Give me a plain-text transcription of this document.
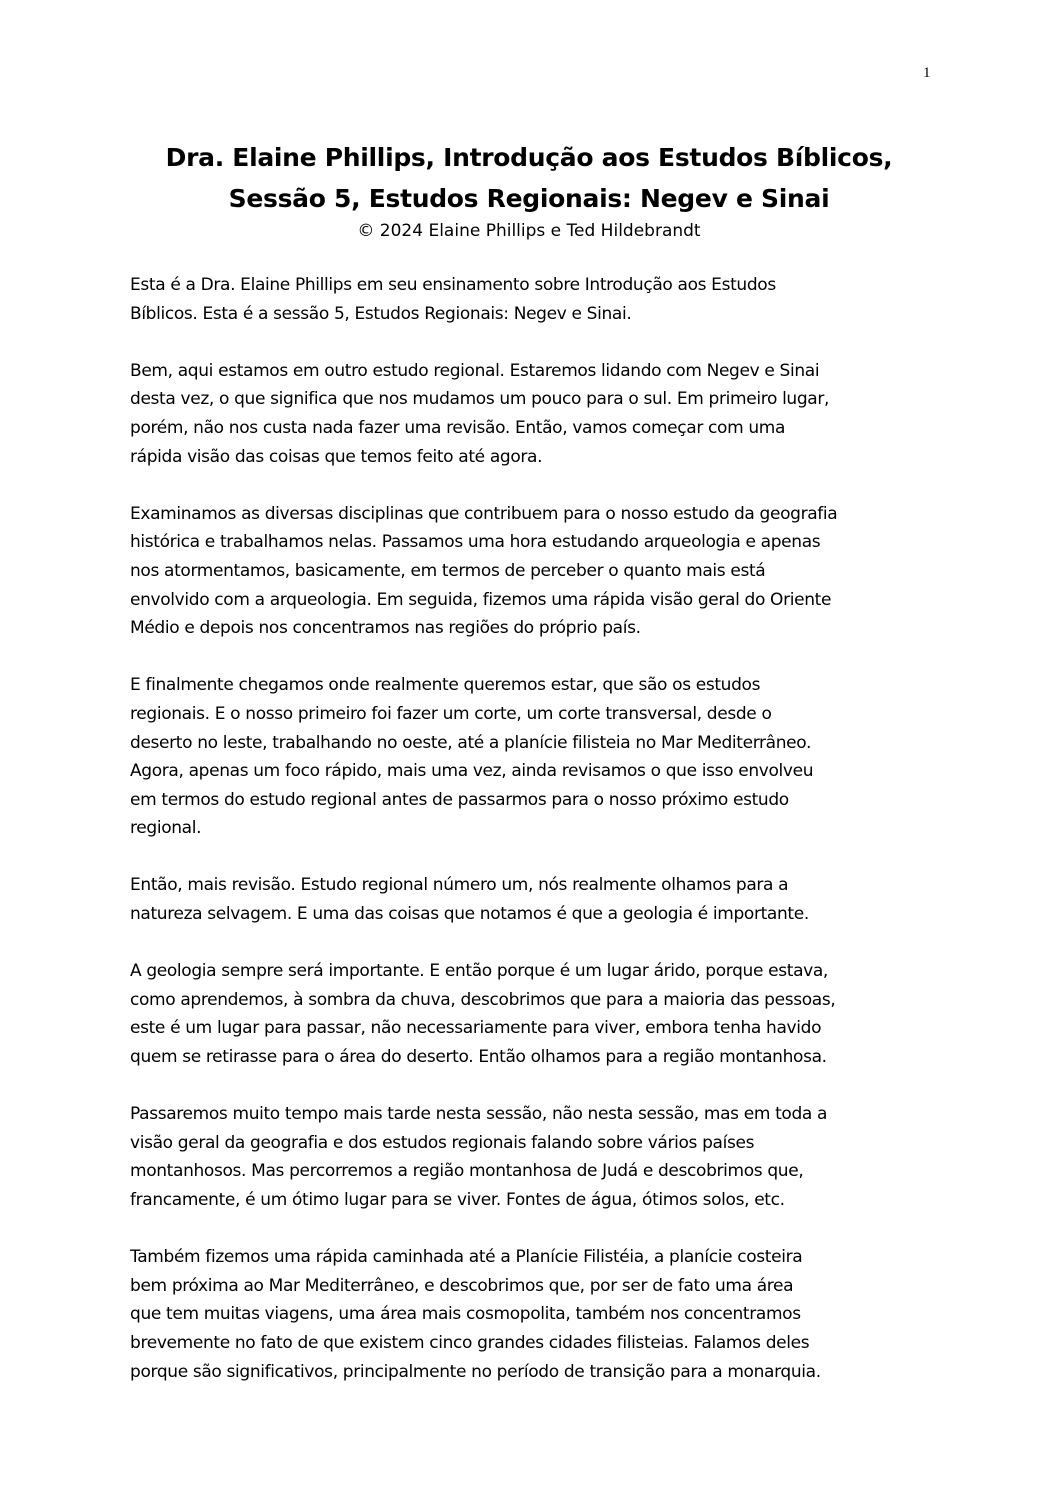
1
Dra. Elaine Phillips, Introdução aos Estudos Bíblicos,
Sessão 5, Estudos Regionais: Negev e Sinai
© 2024 Elaine Phillips e Ted Hildebrandt
Esta é a Dra. Elaine Phillips em seu ensinamento sobre Introdução aos Estudos
Bíblicos. Esta é a sessão 5, Estudos Regionais: Negev e Sinai.
Bem, aqui estamos em outro estudo regional. Estaremos lidando com Negev e Sinai
desta vez, o que significa que nos mudamos um pouco para o sul. Em primeiro lugar,
porém, não nos custa nada fazer uma revisão. Então, vamos começar com uma
rápida visão das coisas que temos feito até agora.
Examinamos as diversas disciplinas que contribuem para o nosso estudo da geografia
histórica e trabalhamos nelas. Passamos uma hora estudando arqueologia e apenas
nos atormentamos, basicamente, em termos de perceber o quanto mais está
envolvido com a arqueologia. Em seguida, fizemos uma rápida visão geral do Oriente
Médio e depois nos concentramos nas regiões do próprio país.
E finalmente chegamos onde realmente queremos estar, que são os estudos
regionais. E o nosso primeiro foi fazer um corte, um corte transversal, desde o
deserto no leste, trabalhando no oeste, até a planície filisteia no Mar Mediterrâneo.
Agora, apenas um foco rápido, mais uma vez, ainda revisamos o que isso envolveu
em termos do estudo regional antes de passarmos para o nosso próximo estudo
regional.
Então, mais revisão. Estudo regional número um, nós realmente olhamos para a
natureza selvagem. E uma das coisas que notamos é que a geologia é importante.
A geologia sempre será importante. E então porque é um lugar árido, porque estava,
como aprendemos, à sombra da chuva, descobrimos que para a maioria das pessoas,
este é um lugar para passar, não necessariamente para viver, embora tenha havido
quem se retirasse para o área do deserto. Então olhamos para a região montanhosa.
Passaremos muito tempo mais tarde nesta sessão, não nesta sessão, mas em toda a
visão geral da geografia e dos estudos regionais falando sobre vários países
montanhosos. Mas percorremos a região montanhosa de Judá e descobrimos que,
francamente, é um ótimo lugar para se viver. Fontes de água, ótimos solos, etc.
Também fizemos uma rápida caminhada até a Planície Filistéia, a planície costeira
bem próxima ao Mar Mediterrâneo, e descobrimos que, por ser de fato uma área
que tem muitas viagens, uma área mais cosmopolita, também nos concentramos
brevemente no fato de que existem cinco grandes cidades filisteias. Falamos deles
porque são significativos, principalmente no período de transição para a monarquia.
